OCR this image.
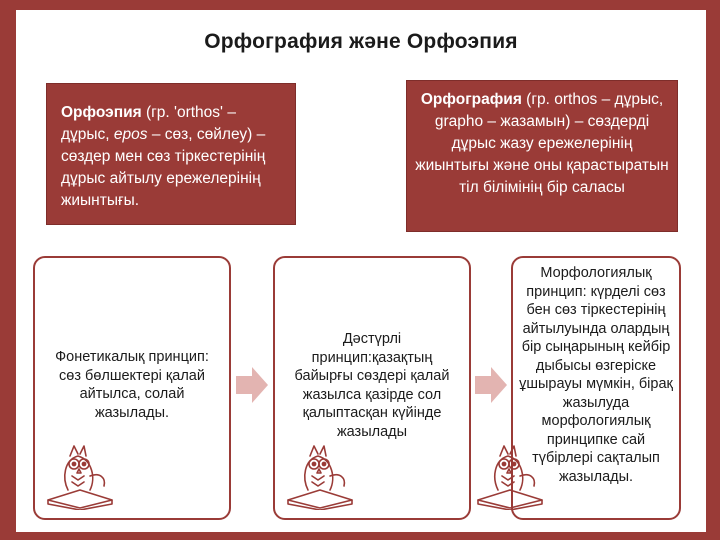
Орфография және Орфоэпия
Орфоэпия (гр. 'orthos' – дұрыс, epos – сөз, сөйлеу) – сөздер мен сөз тіркестерінің дұрыс айтылу ережелерінің жиынтығы.
Орфография (гр. orthos – дұрыс, grapho – жазамын) – сөздерді дұрыс жазу ережелерінің жиынтығы және оны қарастыратын тіл білімінің бір саласы
Фонетикалық принцип: сөз бөлшектері қалай айтылса, солай жазылады.
Дәстүрлі принцип:қазақтың байырғы сөздері қалай жазылса қазірде сол қалыптасқан күйінде жазылады
Морфологиялық принцип: күрделі сөз бен сөз тіркестерінің айтылуында олардың бір сыңарының кейбір дыбысы өзгеріске ұшырауы мүмкін, бірақ жазылуда морфологиялық принципке сай түбірлері сақталып жазылады.
